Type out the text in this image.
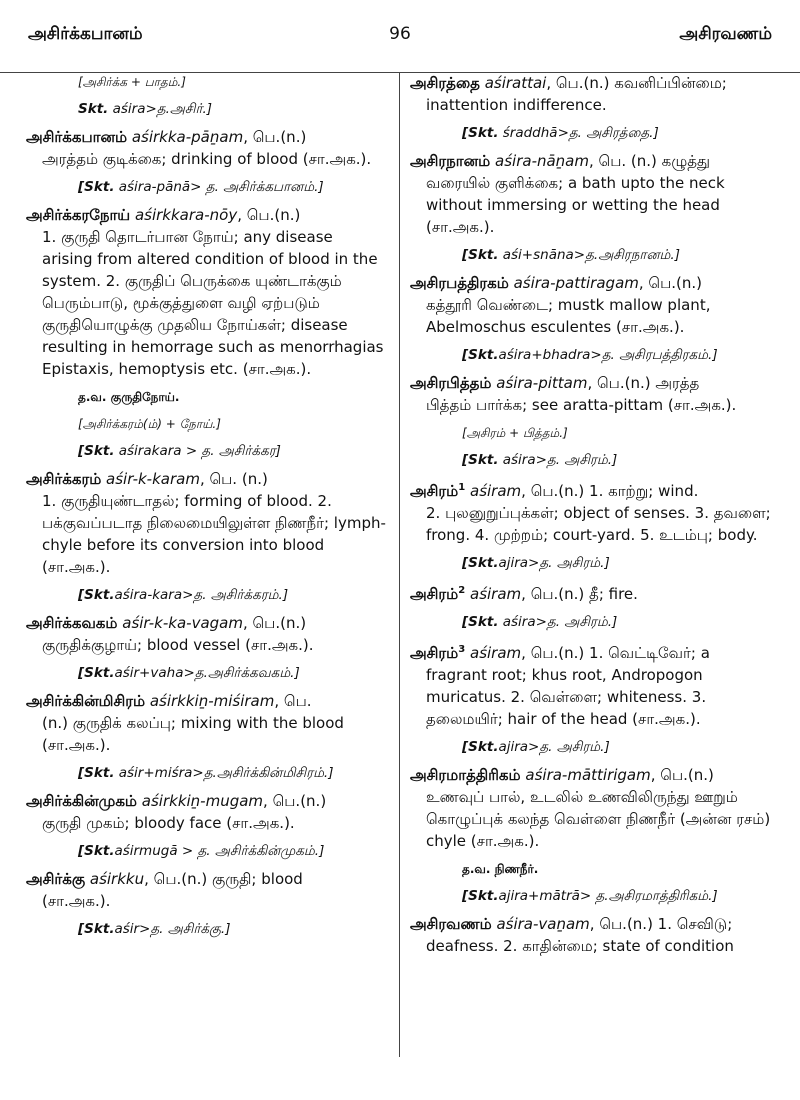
அசிர்க்கபானம்	96	அசிரவணம்
[அசிர்க்க + பாதம்.]
Skt. aśira>த.அசிர்.]
அசிர்க்கபானம் aśirkka-pāṉam, பெ.(n.)
அரத்தம் குடிக்கை; drinking of blood (சா.அக.).
[Skt. aśira-pānā> த. அசிர்க்கபானம்.]
அசிர்க்கரநோய் aśirkkara-nōy, பெ.(n.)
1. குருதி தொடர்பான நோய்; any disease arising from altered condition of blood in the system. 2. குருதிப் பெருக்கை யுண்டாக்கும் பெரும்பாடு, மூக்குத்துளை வழி ஏற்படும் குருதியொழுக்கு முதலிய நோய்கள்; disease resulting in hemorrage such as menorrhagias Epistaxis, hemoptysis etc. (சா.அக.).
த.வ. குருதிநோய்.
[அசிர்க்கரம்(ம்) + நோய்.]
[Skt. aśirakara > த. அசிர்க்கர]
அசிர்க்கரம் aśir-k-karam, பெ. (n.)
1. குருதியுண்டாதல்; forming of blood. 2. பக்குவப்படாத நிலைமையிலுள்ள நிணநீர்; lymph-chyle before its conversion into blood (சா.அக.).
[Skt.aśira-kara>த. அசிர்க்கரம்.]
அசிர்க்கவகம் aśir-k-ka-vagam, பெ.(n.)
குருதிக்குழாய்; blood vessel (சா.அக.).
[Skt.aśir+vaha>த.அசிர்க்கவகம்.]
அசிர்க்கின்மிசிரம் aśirkkiṉ-miśiram, பெ.
(n.) குருதிக் கலப்பு; mixing with the blood (சா.அக.).
[Skt. aśir+miśra>த.அசிர்க்கின்மிசிரம்.]
அசிர்க்கின்முகம் aśirkkiṉ-mugam, பெ.(n.)
குருதி முகம்; bloody face (சா.அக.).
[Skt.aśirmugā > த. அசிர்க்கின்முகம்.]
அசிர்க்கு aśirkku, பெ.(n.) குருதி; blood
(சா.அக.).
[Skt.aśir>த. அசிர்க்கு.]
அசிரத்தை aśirattai, பெ.(n.) கவனிப்பின்மை;
inattention indifference.
[Skt. śraddhā>த. அசிரத்தை.]
அசிரநானம் aśira-nāṉam, பெ. (n.) கழுத்து
வரையில் குளிக்கை; a bath upto the neck without immersing or wetting the head (சா.அக.).
[Skt. aśi+snāna>த.அசிரநானம்.]
அசிரபத்திரகம் aśira-pattiragam, பெ.(n.)
கத்தூரி வெண்டை; mustk mallow plant, Abelmoschus esculentes (சா.அக.).
[Skt.aśira+bhadra>த. அசிரபத்திரகம்.]
அசிரபித்தம் aśira-pittam, பெ.(n.) அரத்த
பித்தம் பார்க்க; see aratta-pittam (சா.அக.).
[அசிரம் + பித்தம்.]
[Skt. aśira>த. அசிரம்.]
அசிரம்$^1$ aśiram, பெ.(n.) 1. காற்று; wind.
2. புலனுறுப்புக்கள்; object of senses. 3. தவளை; frong. 4. முற்றம்; court-yard. 5. உடம்பு; body.
[Skt.ajira>த. அசிரம்.]
அசிரம்$^2$ aśiram, பெ.(n.) தீ; fire.
[Skt. aśira>த. அசிரம்.]
அசிரம்$^3$ aśiram, பெ.(n.) 1. வெட்டிவேர்; a
fragrant root; khus root, Andropogon muricatus. 2. வெள்ளை; whiteness. 3. தலைமயிர்; hair of the head (சா.அக.).
[Skt.ajira>த. அசிரம்.]
அசிரமாத்திரிகம் aśira-māttirigam, பெ.(n.)
உணவுப் பால், உடலில் உணவிலிருந்து ஊறும் கொழுப்புக் கலந்த வெள்ளை நிணநீர் (அன்ன ரசம்) chyle (சா.அக.).
த.வ. நிணநீர்.
[Skt.ajira+mātrā> த.அசிரமாத்திரிகம்.]
அசிரவணம் aśira-vaṉam, பெ.(n.) 1. செவிடு;
deafness. 2. காதின்மை; state of condition
